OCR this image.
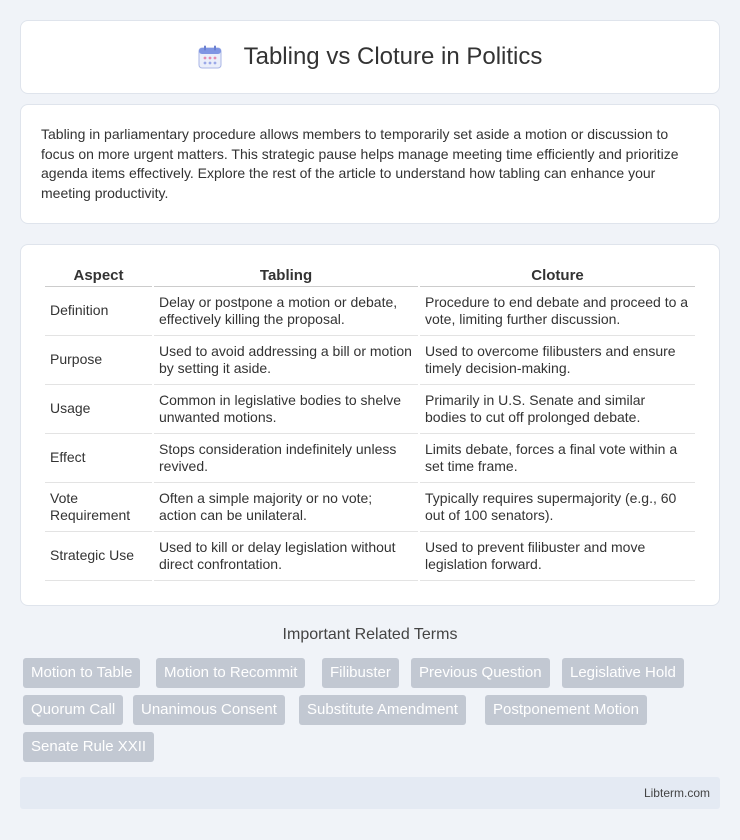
Tabling vs Cloture in Politics

Tabling in parliamentary procedure allows members to temporarily set aside a motion or discussion to focus on more urgent matters. This strategic pause helps manage meeting time efficiently and prioritize agenda items effectively. Explore the rest of the article to understand how tabling can enhance your meeting productivity.

Aspect	Tabling	Cloture
Definition	Delay or postpone a motion or debate, effectively killing the proposal.	Procedure to end debate and proceed to a vote, limiting further discussion.
Purpose	Used to avoid addressing a bill or motion by setting it aside.	Used to overcome filibusters and ensure timely decision-making.
Usage	Common in legislative bodies to shelve unwanted motions.	Primarily in U.S. Senate and similar bodies to cut off prolonged debate.
Effect	Stops consideration indefinitely unless revived.	Limits debate, forces a final vote within a set time frame.
Vote Requirement	Often a simple majority or no vote; action can be unilateral.	Typically requires supermajority (e.g., 60 out of 100 senators).
Strategic Use	Used to kill or delay legislation without direct confrontation.	Used to prevent filibuster and move legislation forward.
Important Related Terms
Motion to Table	Motion to Recommit	Filibuster	Previous Question	Legislative Hold
Quorum Call	Unanimous Consent	Substitute Amendment	Postponement Motion
Senate Rule XXII
Libterm.com
